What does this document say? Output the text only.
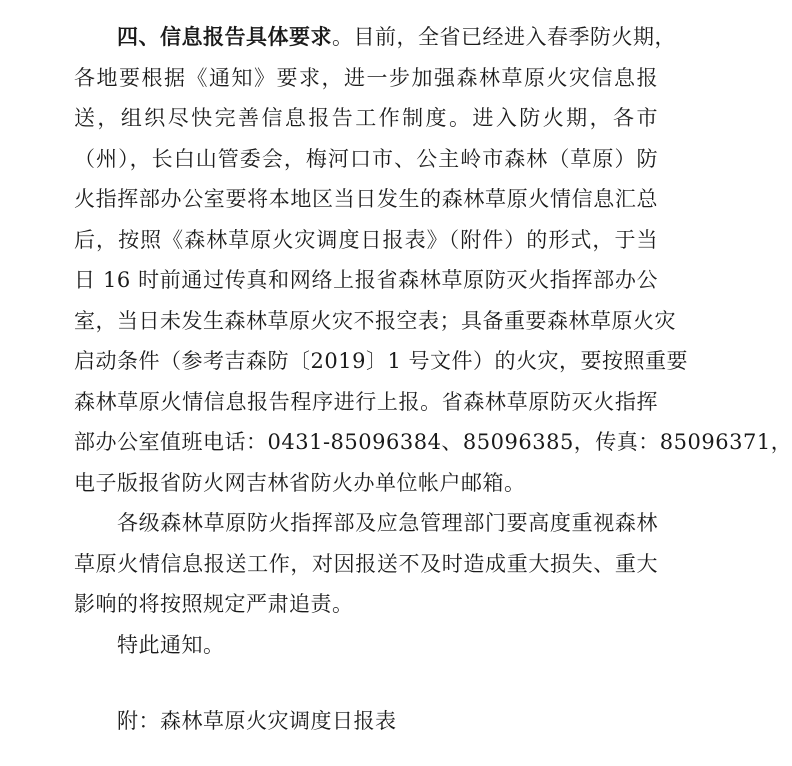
四、信息报告具体要求。目前，全省已经进入春季防火期，
各地要根据《通知》要求，进一步加强森林草原火灾信息报
送，组织尽快完善信息报告工作制度。进入防火期，各市
（州），长白山管委会，梅河口市、公主岭市森林（草原）防
火指挥部办公室要将本地区当日发生的森林草原火情信息汇总
后，按照《森林草原火灾调度日报表》（附件）的形式，于当
日 16 时前通过传真和网络上报省森林草原防灭火指挥部办公
室，当日未发生森林草原火灾不报空表；具备重要森林草原火灾
启动条件（参考吉森防〔2019〕1 号文件）的火灾，要按照重要
森林草原火情信息报告程序进行上报。省森林草原防灭火指挥
部办公室值班电话：0431-85096384、85096385，传真：85096371，
电子版报省防火网吉林省防火办单位帐户邮箱。
各级森林草原防火指挥部及应急管理部门要高度重视森林
草原火情信息报送工作，对因报送不及时造成重大损失、重大
影响的将按照规定严肃追责。
特此通知。
附：森林草原火灾调度日报表
